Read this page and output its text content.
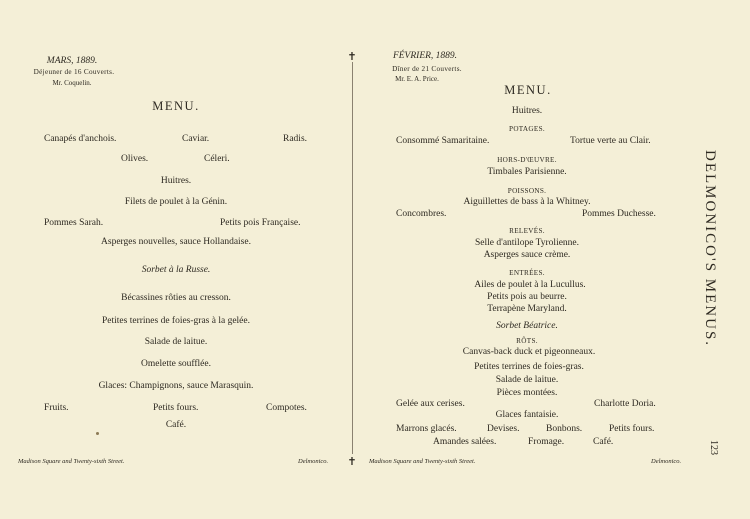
✝
✝
MARS, 1889.
Déjeuner de 16 Couverts.
Mr. Coquelin.
MENU.
Canapés d'anchois.	Caviar.	Radis.
Olives.	Céleri.
Huitres.
Filets de poulet à la Génin.
Pommes Sarah.	Petits pois Française.
Asperges nouvelles, sauce Hollandaise.
Sorbet à la Russe.
Bécassines rôties au cresson.
Petites terrines de foies-gras à la gelée.
Salade de laitue.
Omelette soufflée.
Glaces: Champignons, sauce Marasquin.
Fruits.	Petits fours.	Compotes.
Café.
Madison Square and Twenty-sixth Street.	Delmonico.
FÉVRIER, 1889.
Dîner de 21 Couverts.
Mr. E. A. Price.
MENU.
Huitres.
POTAGES.
Consommé Samaritaine.	Tortue verte au Clair.
HORS-D'ŒUVRE.
Timbales Parisienne.
POISSONS.
Aiguillettes de bass à la Whitney.
Concombres.	Pommes Duchesse.
RELEVÉS.
Selle d'antilope Tyrolienne.
Asperges sauce crème.
ENTRÉES.
Ailes de poulet à la Lucullus.
Petits pois au beurre.
Terrapène Maryland.
Sorbet Béatrice.
RÔTS.
Canvas-back duck et pigeonneaux.
Petites terrines de foies-gras.
Salade de laitue.
Pièces montées.
Gelée aux cerises.	Charlotte Doria.
Glaces fantaisie.
Marrons glacés.	Devises.	Bonbons.	Petits fours.
Amandes salées.	Fromage.	Café.
Madison Square and Twenty-sixth Street.	Delmonico.
DELMONICO'S MENUS.
123
